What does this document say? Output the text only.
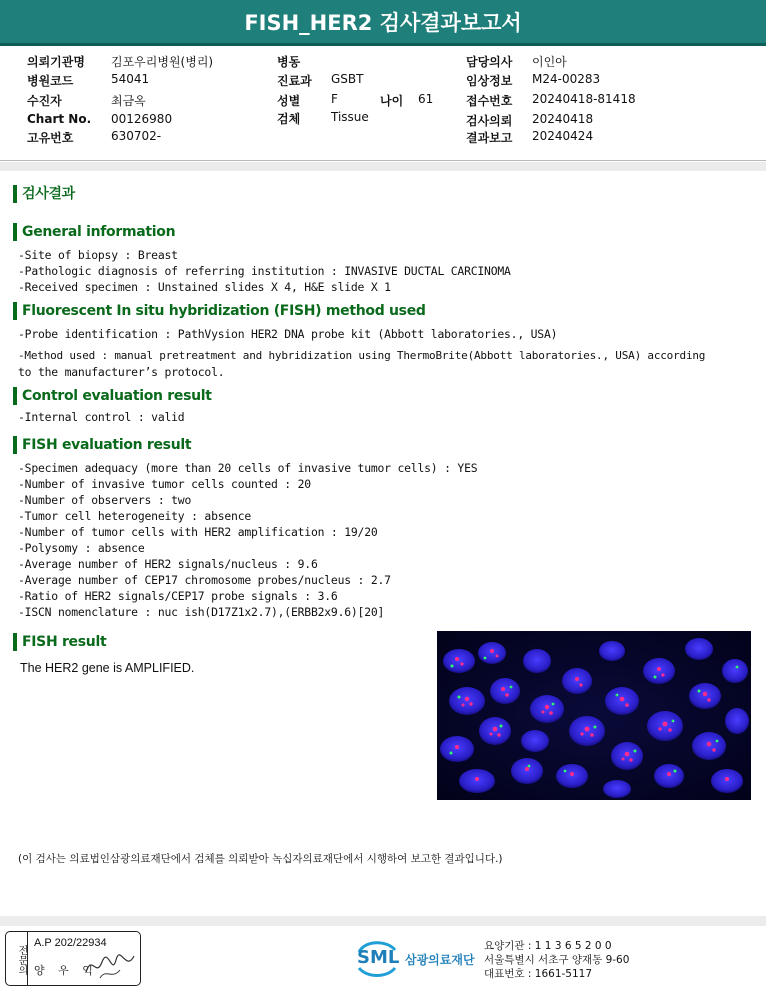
FISH_HER2 검사결과보고서
의뢰기관명 김포우리병원(병리)
병원코드	54041
수진자	최금옥
Chart No. 00126980
고유번호	630702-
병동
진료과 GSBT
성별	F	나이 61
검체	Tissue
담당의사 이인아
임상정보 M24-00283
접수번호 20240418-81418
검사의뢰 20240418
결과보고 20240424
검사결과
General information
-Site of biopsy : Breast
-Pathologic diagnosis of referring institution : INVASIVE DUCTAL CARCINOMA
-Received specimen : Unstained slides X 4, H&E slide X 1
Fluorescent In situ hybridization (FISH) method used
-Probe identification : PathVysion HER2 DNA probe kit (Abbott laboratories., USA)
-Method used : manual pretreatment and hybridization using ThermoBrite(Abbott laboratories., USA) according
to the manufacturer’s protocol.
Control evaluation result
-Internal control : valid
FISH evaluation result
-Specimen adequacy (more than 20 cells of invasive tumor cells) : YES
-Number of invasive tumor cells counted : 20
-Number of observers : two
-Tumor cell heterogeneity : absence
-Number of tumor cells with HER2 amplification : 19/20
-Polysomy : absence
-Average number of HER2 signals/nucleus : 9.6
-Average number of CEP17 chromosome probes/nucleus : 2.7
-Ratio of HER2 signals/CEP17 probe signals : 3.6
-ISCN nomenclature : nuc ish(D17Z1x2.7),(ERBB2x9.6)[20]
FISH result
The HER2 gene is AMPLIFIED.
(이 검사는 의료법인삼광의료재단에서 검체를 의뢰받아 녹십자의료재단에서 시행하여 보고한 결과입니다.)
전문의
A.P 202/22934
양 우 익
SML 삼광의료재단
요양기관 : 1 1 3 6 5 2 0 0
서울특별시 서초구 양재동 9-60
대표번호 : 1661-5117
